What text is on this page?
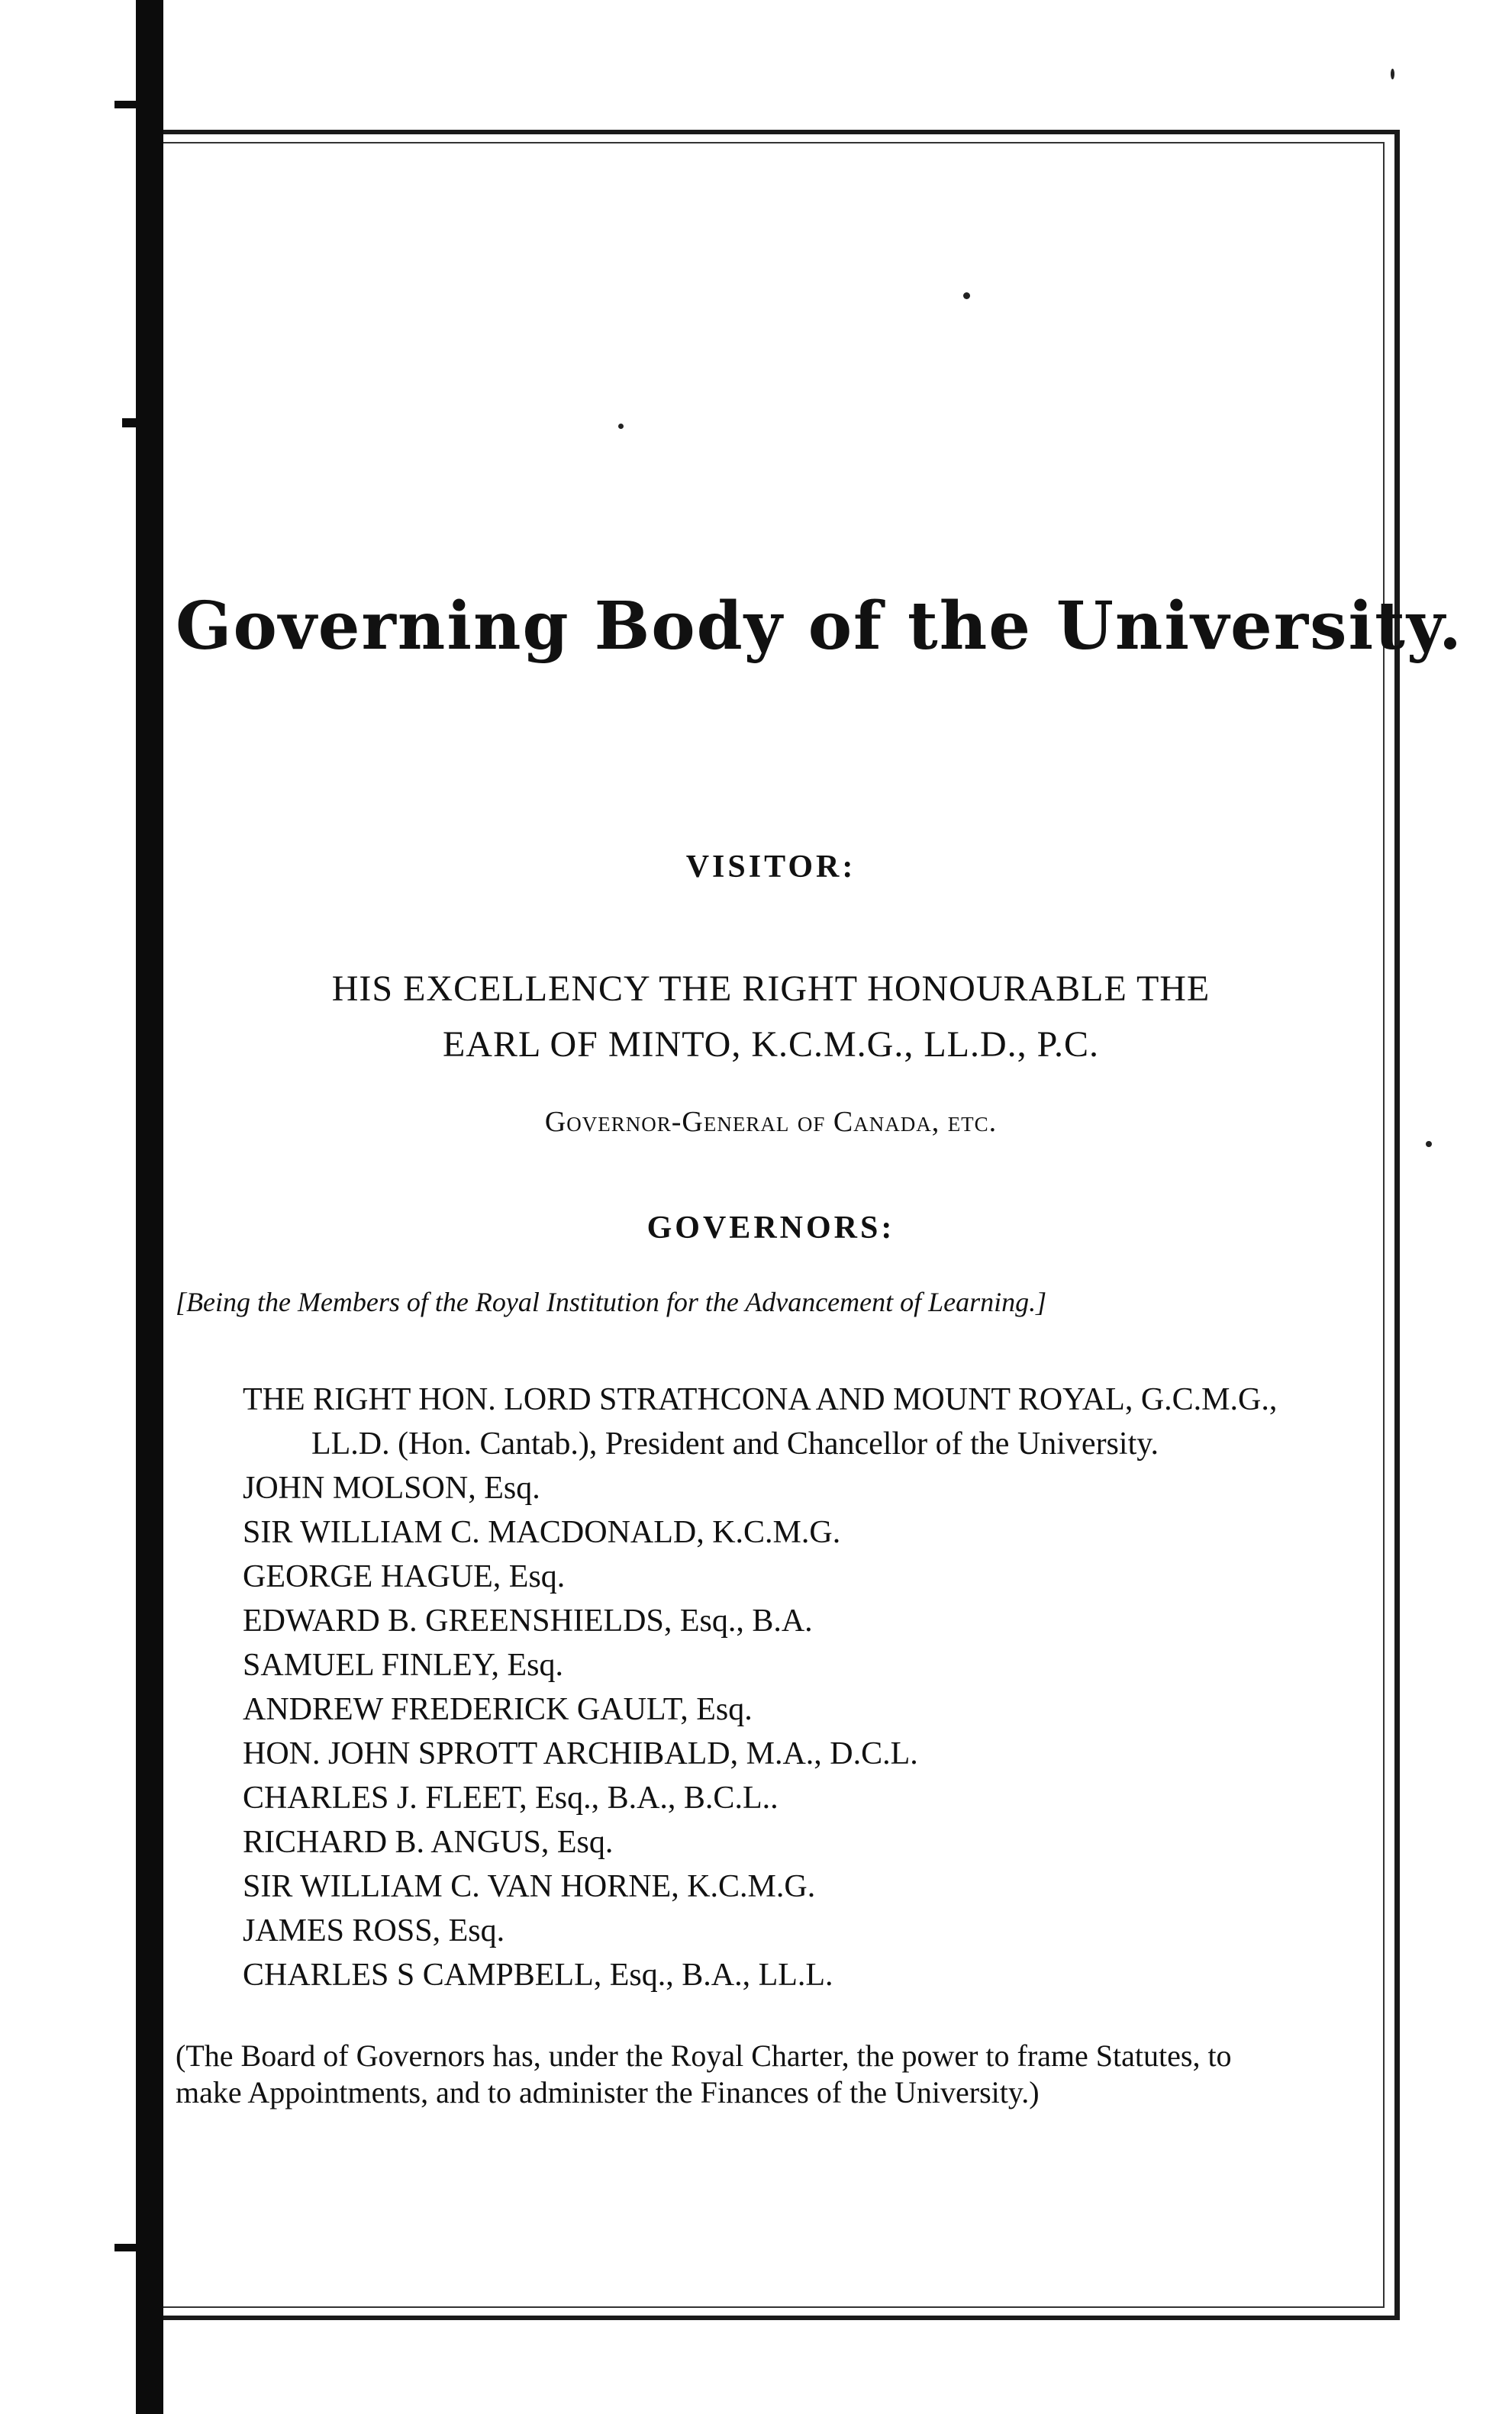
Governing Body of the University.
VISITOR:
HIS EXCELLENCY THE RIGHT HONOURABLE THE
EARL OF MINTO, K.C.M.G., LL.D., P.C.
Governor-General of Canada, etc.
GOVERNORS:
[Being the Members of the Royal Institution for the Advancement of Learning.]
THE RIGHT HON. LORD STRATHCONA AND MOUNT ROYAL, G.C.M.G., LL.D. (Hon. Cantab.), President and Chancellor of the University.
JOHN MOLSON, Esq.
SIR WILLIAM C. MACDONALD, K.C.M.G.
GEORGE HAGUE, Esq.
EDWARD B. GREENSHIELDS, Esq., B.A.
SAMUEL FINLEY, Esq.
ANDREW FREDERICK GAULT, Esq.
HON. JOHN SPROTT ARCHIBALD, M.A., D.C.L.
CHARLES J. FLEET, Esq., B.A., B.C.L..
RICHARD B. ANGUS, Esq.
SIR WILLIAM C. VAN HORNE, K.C.M.G.
JAMES ROSS, Esq.
CHARLES S CAMPBELL, Esq., B.A., LL.L.
(The Board of Governors has, under the Royal Charter, the power to frame Statutes, to make Appointments, and to administer the Finances of the University.)
